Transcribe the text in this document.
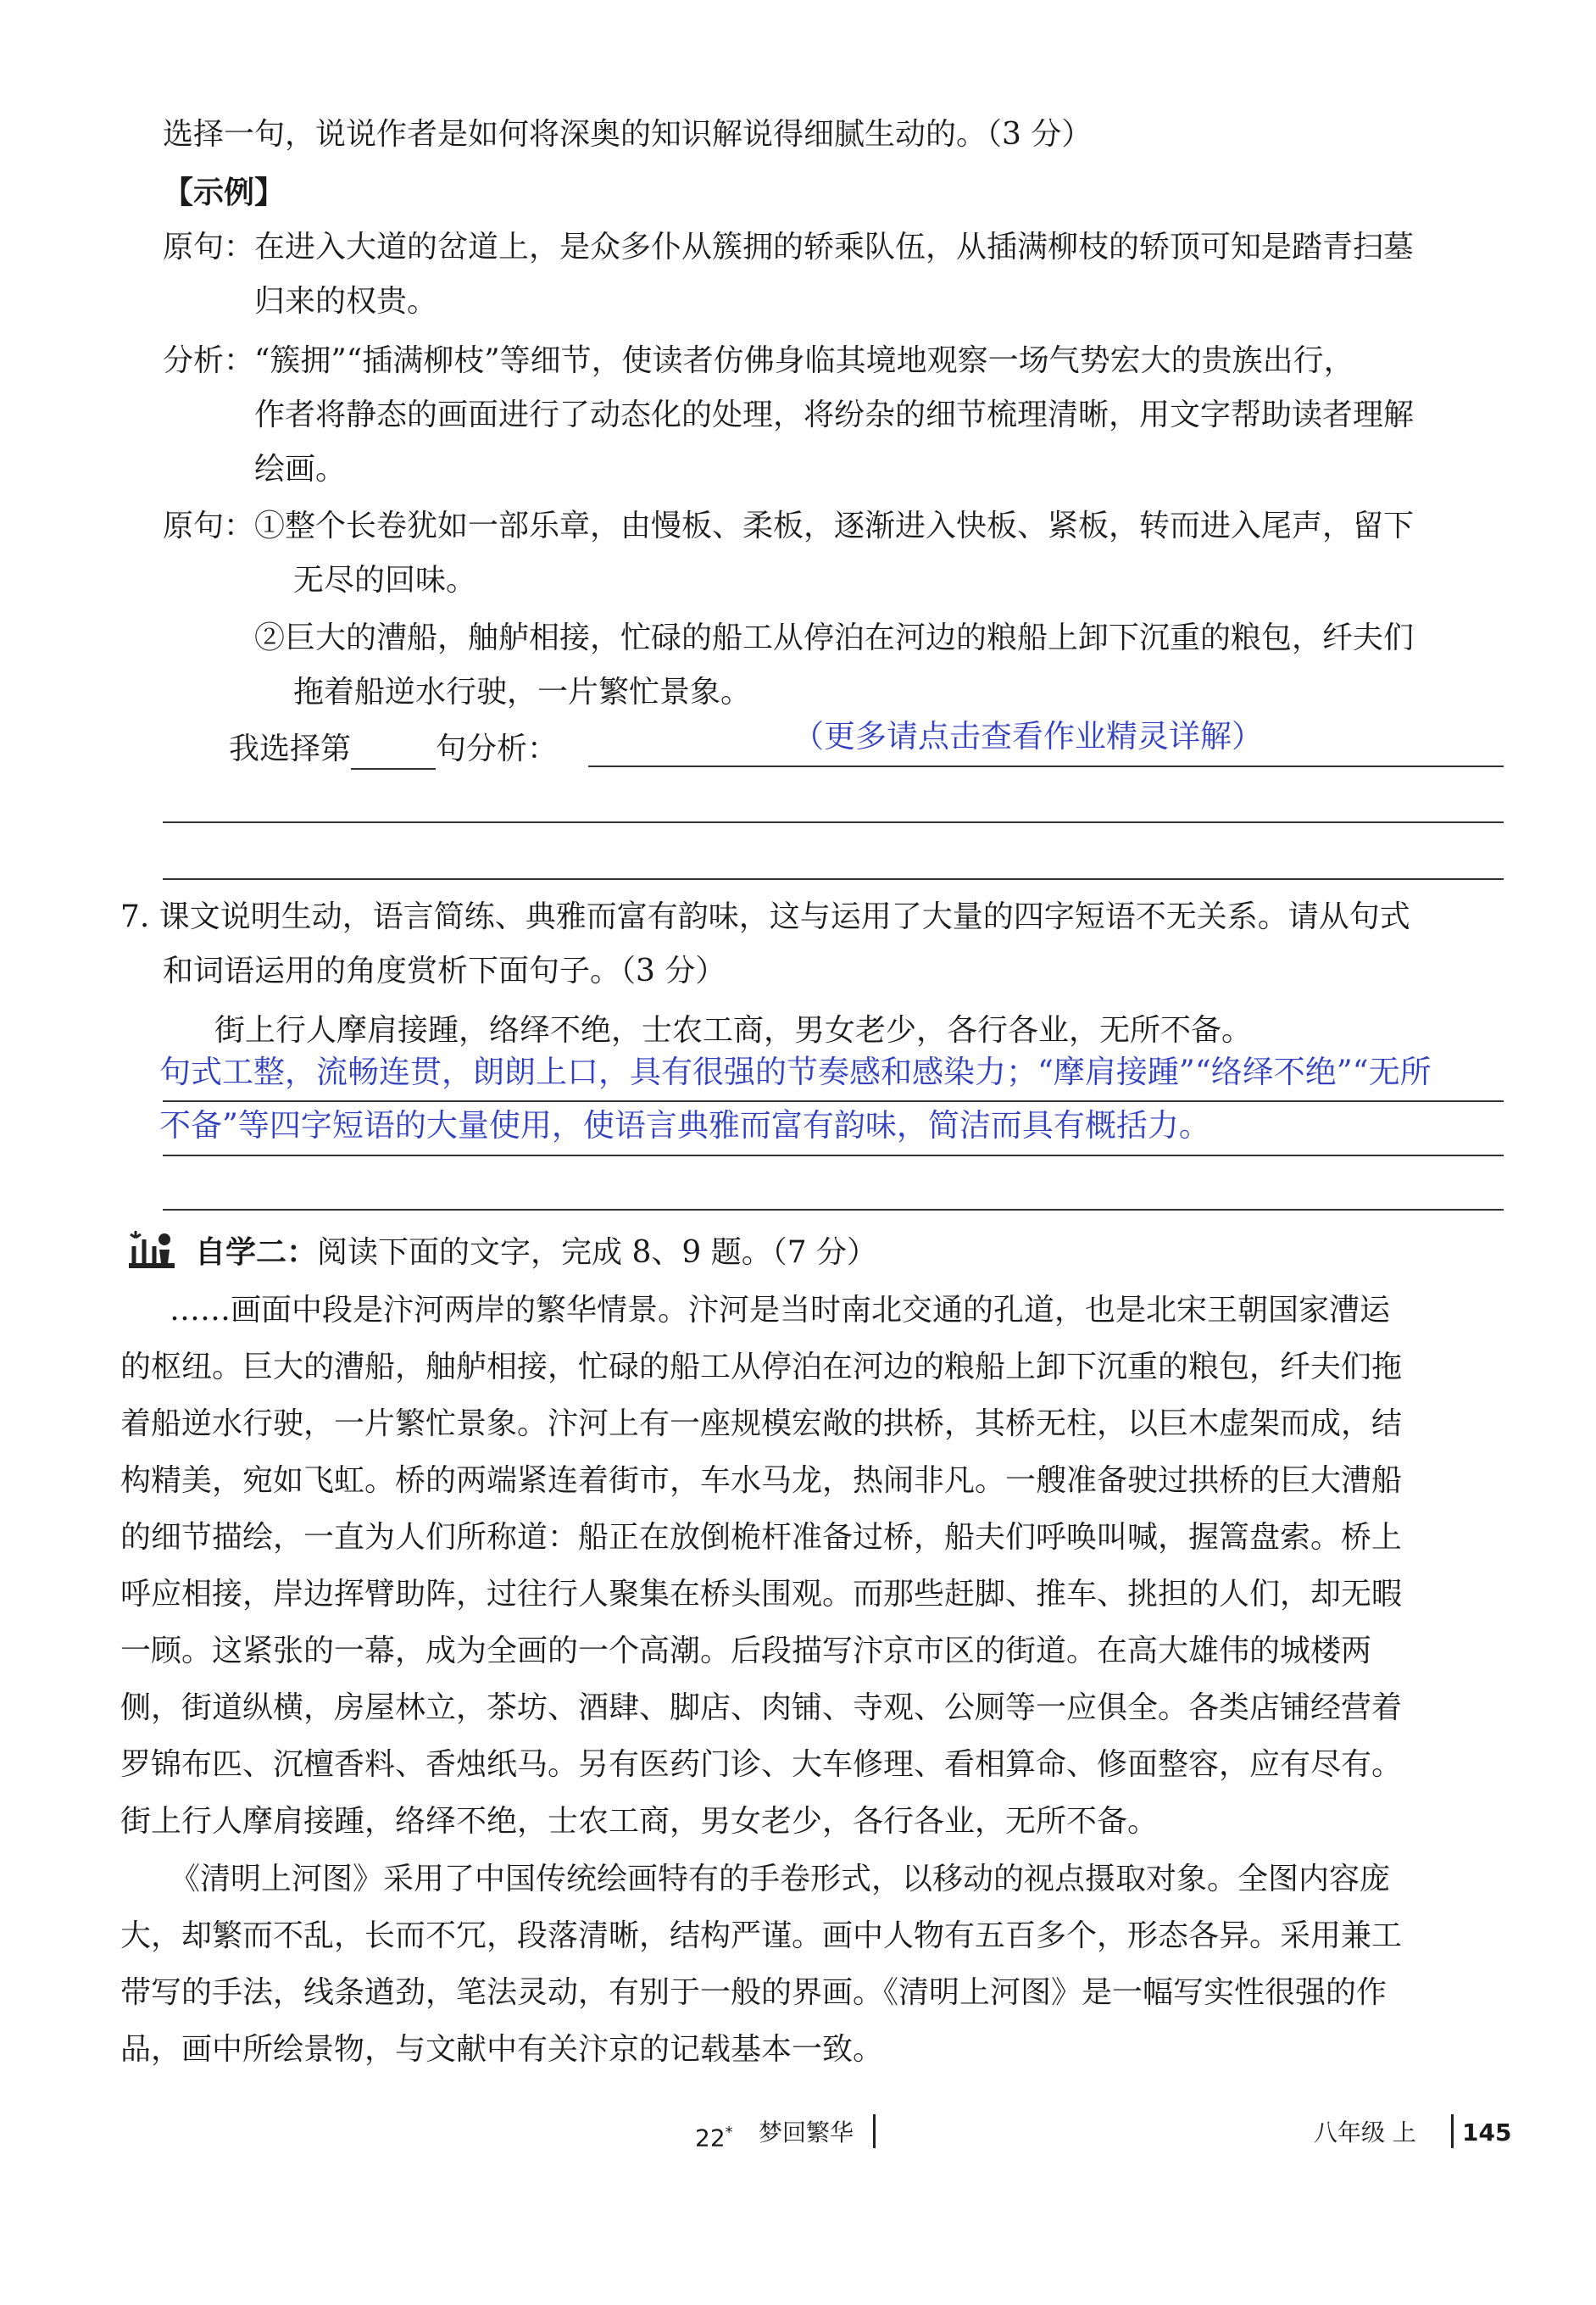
选择一句，说说作者是如何将深奥的知识解说得细腻生动的。（3 分）
【示例】
原句： 在进入大道的岔道上，是众多仆从簇拥的轿乘队伍，从插满柳枝的轿顶可知是踏青扫墓
归来的权贵。
分析： “簇拥”“插满柳枝”等细节，使读者仿佛身临其境地观察一场气势宏大的贵族出行，
作者将静态的画面进行了动态化的处理，将纷杂的细节梳理清晰，用文字帮助读者理解
绘画。
原句： ①整个长卷犹如一部乐章，由慢板、柔板，逐渐进入快板、紧板，转而进入尾声，留下
无尽的回味。
②巨大的漕船，舳舻相接，忙碌的船工从停泊在河边的粮船上卸下沉重的粮包，纤夫们
拖着船逆水行驶，一片繁忙景象。
我选择第	句分析：	（更多请点击查看作业精灵详解）
7. 课文说明生动，语言简练、典雅而富有韵味，这与运用了大量的四字短语不无关系。请从句式
和词语运用的角度赏析下面句子。（3 分）
街上行人摩肩接踵，络绎不绝，士农工商，男女老少，各行各业，无所不备。
句式工整，流畅连贯，朗朗上口，具有很强的节奏感和感染力；“摩肩接踵”“络绎不绝”“无所
不备”等四字短语的大量使用，使语言典雅而富有韵味，简洁而具有概括力。
自学二：阅读下面的文字，完成 8、9 题。（7 分）
……画面中段是汴河两岸的繁华情景。汴河是当时南北交通的孔道，也是北宋王朝国家漕运
的枢纽。巨大的漕船，舳舻相接，忙碌的船工从停泊在河边的粮船上卸下沉重的粮包，纤夫们拖
着船逆水行驶，一片繁忙景象。汴河上有一座规模宏敞的拱桥，其桥无柱，以巨木虚架而成，结
构精美，宛如飞虹。桥的两端紧连着街市，车水马龙，热闹非凡。一艘准备驶过拱桥的巨大漕船
的细节描绘，一直为人们所称道：船正在放倒桅杆准备过桥，船夫们呼唤叫喊，握篙盘索。桥上
呼应相接，岸边挥臂助阵，过往行人聚集在桥头围观。而那些赶脚、推车、挑担的人们，却无暇
一顾。这紧张的一幕，成为全画的一个高潮。后段描写汴京市区的街道。在高大雄伟的城楼两
侧，街道纵横，房屋林立，茶坊、酒肆、脚店、肉铺、寺观、公厕等一应俱全。各类店铺经营着
罗锦布匹、沉檀香料、香烛纸马。另有医药门诊、大车修理、看相算命、修面整容，应有尽有。
街上行人摩肩接踵，络绎不绝，士农工商，男女老少，各行各业，无所不备。
《清明上河图》采用了中国传统绘画特有的手卷形式，以移动的视点摄取对象。全图内容庞
大，却繁而不乱，长而不冗，段落清晰，结构严谨。画中人物有五百多个，形态各异。采用兼工
带写的手法，线条遒劲，笔法灵动，有别于一般的界画。《清明上河图》是一幅写实性很强的作
品，画中所绘景物，与文献中有关汴京的记载基本一致。
22* 梦回繁华	八年级 上 145
